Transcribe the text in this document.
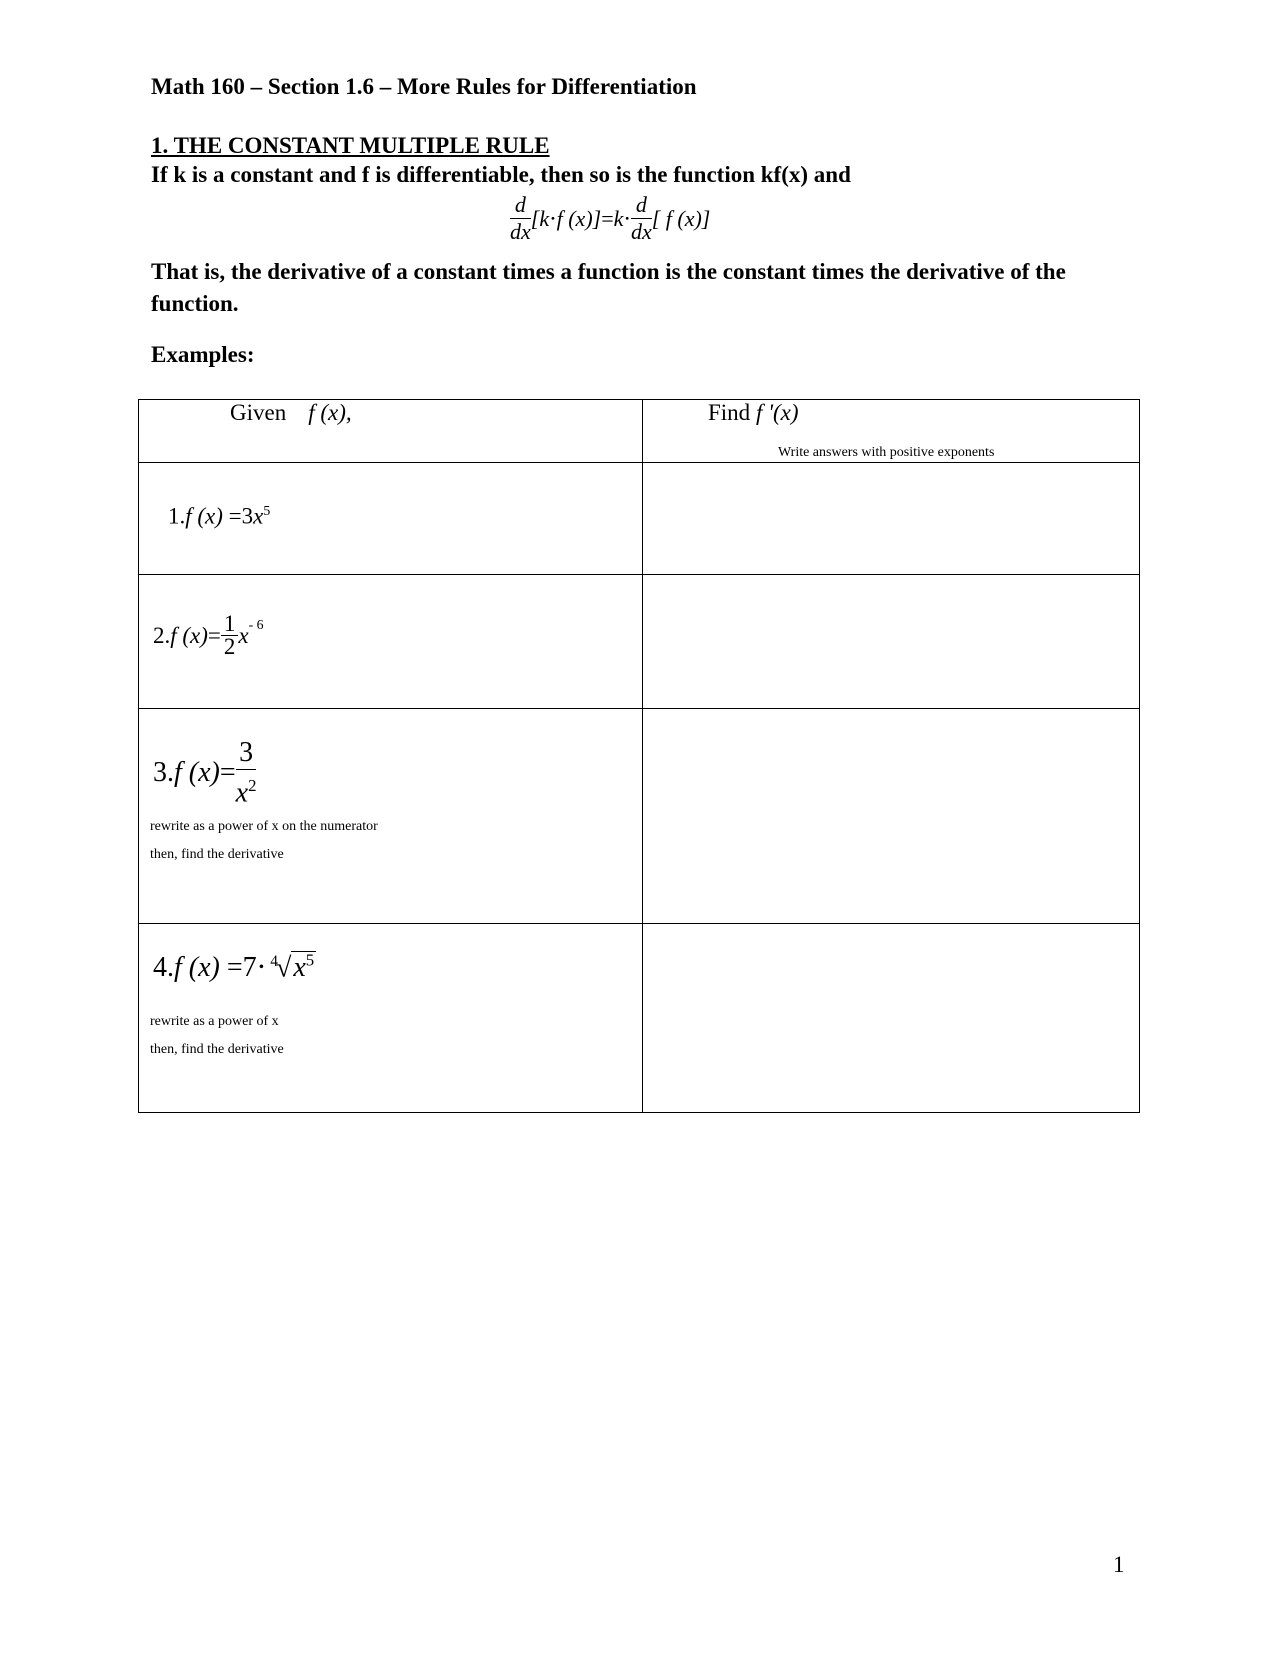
Math 160 – Section 1.6 – More Rules for Differentiation
1. THE CONSTANT MULTIPLE RULE
If k is a constant and f is differentiable, then so is the function kf(x) and
$\frac{d}{dx} [k\cdot f$ $(x)]=k\cdot \frac{d}{dx}$ [ f (x)]
That is, the derivative of a constant times a function is the constant times the derivative of the function.
Examples:
Given f (x),	Find f '(x)
Write answers with positive exponents

1.f $(x) =3x^5$

2.f $(x)= \frac{1}{2} x-$ 6	

3.f $(x)= \frac{3}{x^2}$
rewrite as a power of x on the numerator
then, find the derivative	

4.f $(x) =7\cdot ^4√x^5$
rewrite as a power of x
then, find the derivative	

1
